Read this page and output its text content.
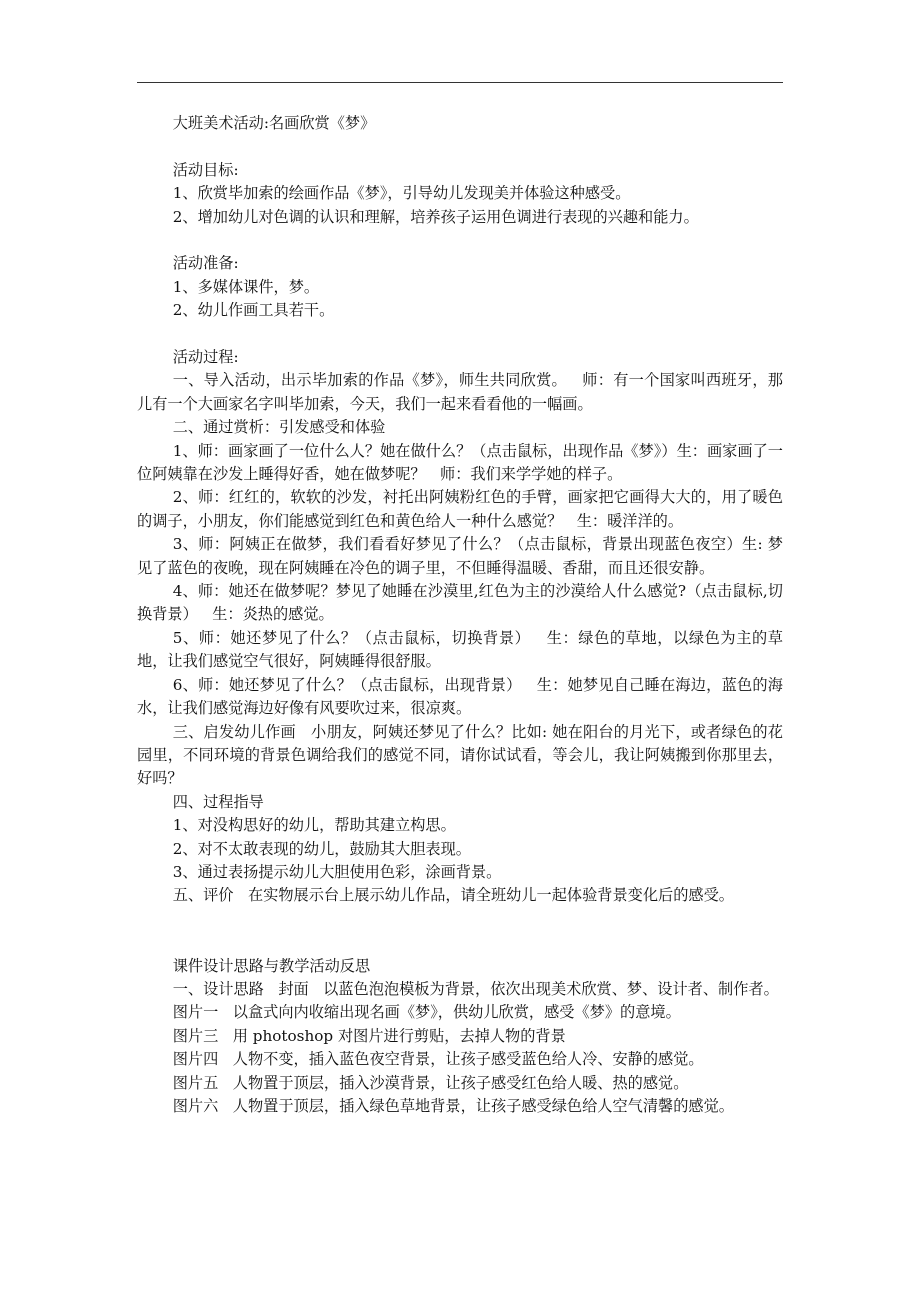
大班美术活动:名画欣赏《梦》

活动目标:

1、欣赏毕加索的绘画作品《梦》，引导幼儿发现美并体验这种感受。

2、增加幼儿对色调的认识和理解，培养孩子运用色调进行表现的兴趣和能力。

活动准备:

1、多媒体课件，梦。

2、幼儿作画工具若干。

活动过程:

一、导入活动，出示毕加索的作品《梦》，师生共同欣赏。   师：有一个国家叫西班牙，那儿有一个大画家名字叫毕加索，今天，我们一起来看看他的一幅画。

二、通过赏析：引发感受和体验

1、师：画家画了一位什么人？她在做什么？（点击鼠标，出现作品《梦》）生：画家画了一位阿姨靠在沙发上睡得好香，她在做梦呢？   师：我们来学学她的样子。

2、师：红红的，软软的沙发，衬托出阿姨粉红色的手臂，画家把它画得大大的，用了暖色的调子，小朋友，你们能感觉到红色和黄色给人一种什么感觉？   生：暖洋洋的。

3、师：阿姨正在做梦，我们看看好梦见了什么？（点击鼠标，背景出现蓝色夜空）生: 梦见了蓝色的夜晚，现在阿姨睡在冷色的调子里，不但睡得温暖、香甜，而且还很安静。

4、师：她还在做梦呢？梦见了她睡在沙漠里,红色为主的沙漠给人什么感觉?（点击鼠标,切换背景）   生：炎热的感觉。

5、师：她还梦见了什么？（点击鼠标，切换背景）   生：绿色的草地，以绿色为主的草地，让我们感觉空气很好，阿姨睡得很舒服。

6、师：她还梦见了什么？（点击鼠标，出现背景）   生：她梦见自己睡在海边，蓝色的海水，让我们感觉海边好像有风要吹过来，很凉爽。

三、启发幼儿作画   小朋友，阿姨还梦见了什么？比如: 她在阳台的月光下，或者绿色的花园里，不同环境的背景色调给我们的感觉不同，请你试试看，等会儿，我让阿姨搬到你那里去，好吗？

四、过程指导

1、对没构思好的幼儿，帮助其建立构思。

2、对不太敢表现的幼儿，鼓励其大胆表现。

3、通过表扬提示幼儿大胆使用色彩，涂画背景。

五、评价   在实物展示台上展示幼儿作品，请全班幼儿一起体验背景变化后的感受。

课件设计思路与教学活动反思

一、设计思路   封面   以蓝色泡泡模板为背景，依次出现美术欣赏、梦、设计者、制作者。

图片一   以盒式向内收缩出现名画《梦》，供幼儿欣赏，感受《梦》的意境。

图片三   用 photoshop 对图片进行剪贴，去掉人物的背景

图片四   人物不变，插入蓝色夜空背景，让孩子感受蓝色给人冷、安静的感觉。

图片五   人物置于顶层，插入沙漠背景，让孩子感受红色给人暖、热的感觉。

图片六   人物置于顶层，插入绿色草地背景，让孩子感受绿色给人空气清馨的感觉。
